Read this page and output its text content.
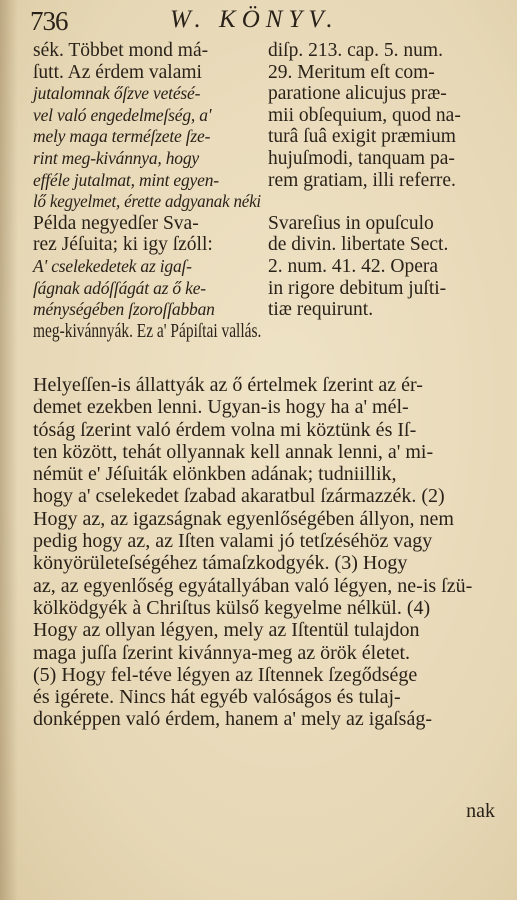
736	W. KÖNYV.
sék. Többet mond má-
ſutt. Az érdem valami
jutalomnak őſzve vetésé-
vel való engedelmeſség, a'
mely maga terméſzete ſze-
rint meg-kivánnya, hogy
efféle jutalmat, mint egyen-
lő kegyelmet, érette adgyanak néki
Példa negyedſer Sva-
rez Jéſuita; ki igy ſzóll:
A' cselekedetek az igaſ-
ſágnak adóſſágát az ő ke-
ménységében ſzoroſſabban
meg-kivánnyák. Ez a' Pápiſtai vallás.
diſp. 213. cap. 5. num.
29. Meritum eſt com-
paratione alicujus præ-
mii obſequium, quod na-
turâ ſuâ exigit præmium
hujuſmodi, tanquam pa-
rem gratiam, illi referre.
Svareſius in opuſculo
de divin. libertate Sect.
2. num. 41. 42. Opera
in rigore debitum juſti-
tiæ requirunt.
Helyeſſen-is állattyák az ő értelmek ſzerint az ér-
demet ezekben lenni. Ugyan-is hogy ha a' mél-
tóság ſzerint való érdem volna mi köztünk és Iſ-
ten között, tehát ollyannak kell annak lenni, a' mi-
némüt e' Jéſuiták elönkben adának; tudniillik,
hogy a' cselekedet ſzabad akaratbul ſzármazzék. (2)
Hogy az, az igazságnak egyenlőségében állyon, nem
pedig hogy az, az Iſten valami jó tetſzéséhöz vagy
könyörületeſségéhez támaſzkodgyék. (3) Hogy
az, az egyenlőség egyátallyában való légyen, ne-is ſzü-
kölködgyék à Chriſtus külső kegyelme nélkül. (4)
Hogy az ollyan légyen, mely az Iſtentül tulajdon
maga juſſa ſzerint kivánnya-meg az örök életet.
(5) Hogy fel-téve légyen az Iſtennek ſzegődsége
és igérete. Nincs hát egyéb valóságos és tulaj-
donképpen való érdem, hanem a' mely az igaſság-
nak
